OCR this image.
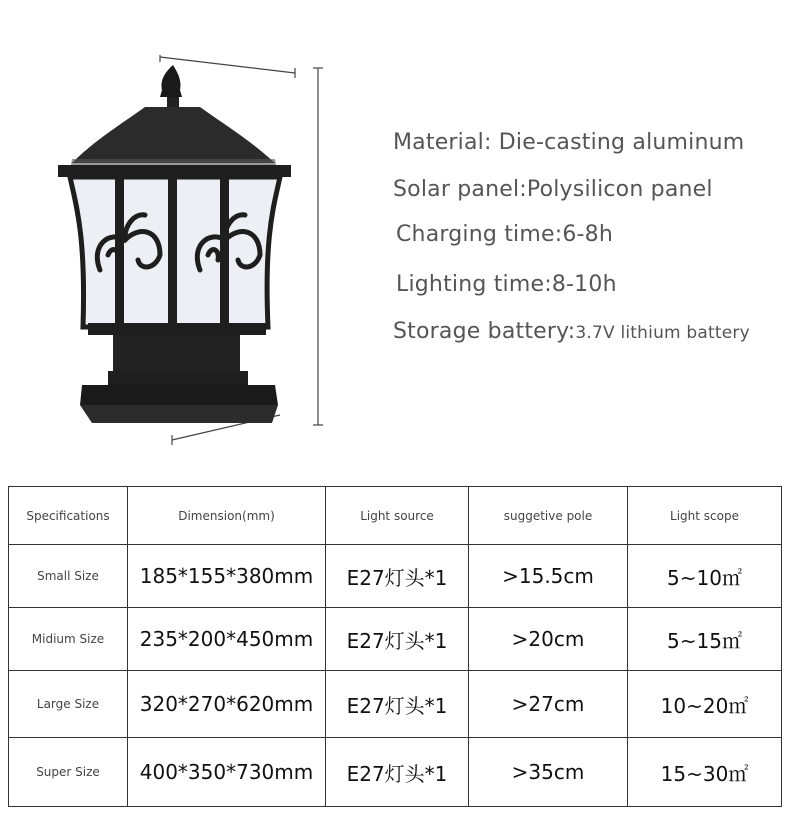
Material: Die-casting aluminum
Solar panel:Polysilicon panel
Charging time:6-8h
Lighting time:8-10h
Storage battery:3.7V lithium battery
Specifications	Dimension(mm)	Light source	suggetive pole	Light scope
Small Size	185*155*380mm	E27灯头*1	>15.5cm	5~10㎡
Midium Size	235*200*450mm	E27灯头*1	>20cm	5~15㎡
Large Size	320*270*620mm	E27灯头*1	>27cm	10~20㎡
Super Size	400*350*730mm	E27灯头*1	>35cm	15~30㎡
